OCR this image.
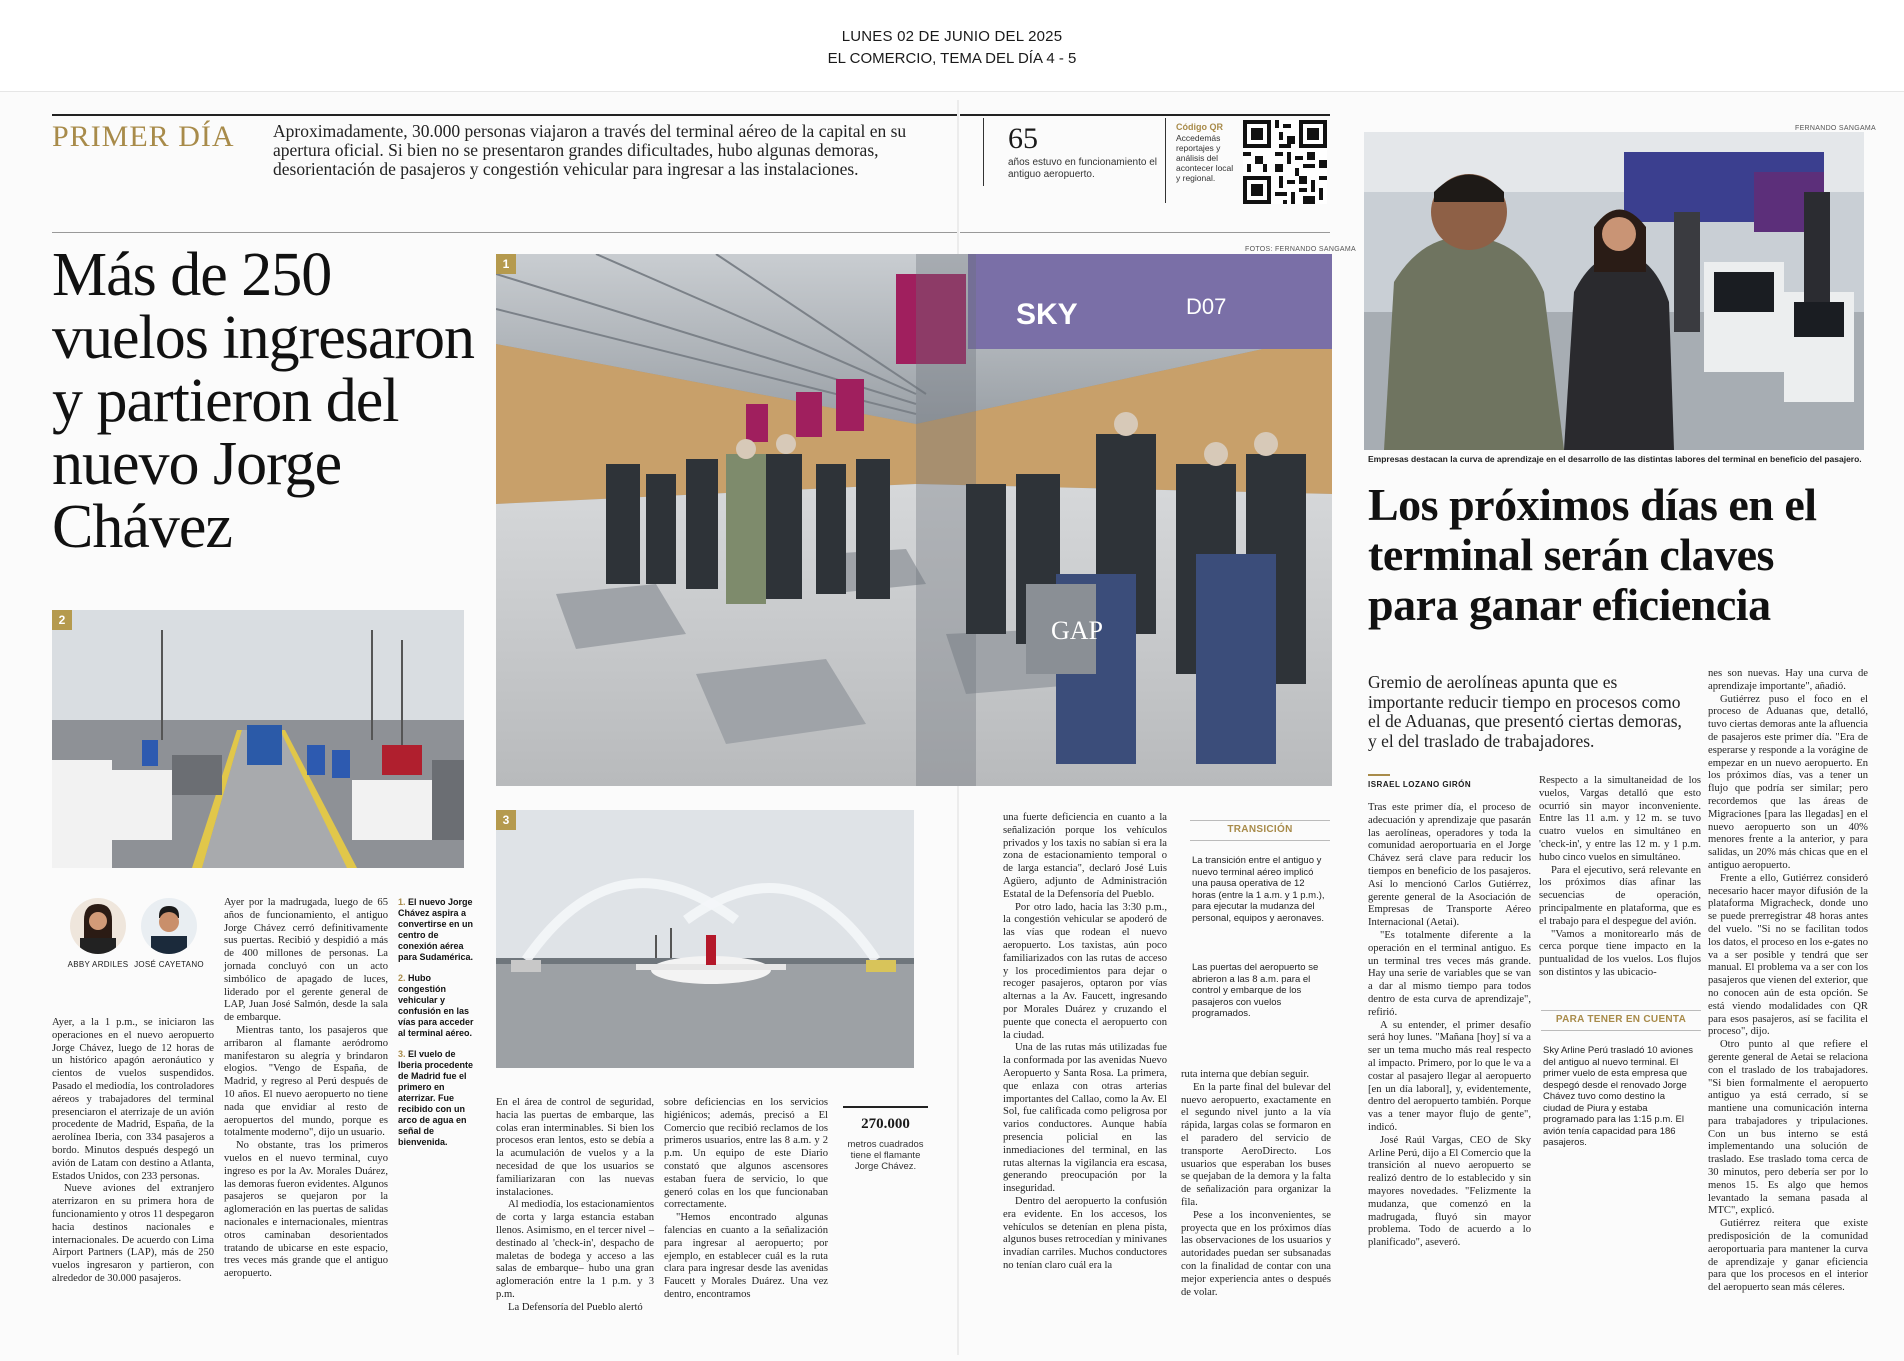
LUNES 02 DE JUNIO DEL 2025
EL COMERCIO, TEMA DEL DÍA 4 - 5
PRIMER DÍA Aproximadamente, 30.000 personas viajaron a través del terminal aéreo de la capital en su apertura oficial. Si bien no se presentaron grandes dificultades, hubo algunas demoras, desorientación de pasajeros y congestión vehicular para ingresar a las instalaciones.
65
años estuvo en funcionamiento el antiguo aeropuerto.
Código QR
Accedemás reportajes y análisis del acontecer local y regional.
FOTOS: FERNANDO SANGAMA
Más de 250 vuelos ingresaron y partieron del nuevo Jorge Chávez
SKY	D07
GAP
1
2
3
ABBY ARDILES JOSÉ CAYETANO

Ayer, a la 1 p.m., se iniciaron las operaciones en el nuevo aeropuerto Jorge Chávez, luego de 12 horas de un histórico apagón aeronáutico y cientos de vuelos suspendidos. Pasado el mediodía, los controladores aéreos y trabajadores del terminal presenciaron el aterrizaje de un avión procedente de Madrid, España, de la aerolínea Iberia, con 334 pasajeros a bordo. Minutos después despegó un avión de Latam con destino a Atlanta, Estados Unidos, con 233 personas.

Nueve aviones del extranjero aterrizaron en su primera hora de funcionamiento y otros 11 despegaron hacia destinos nacionales e internacionales. De acuerdo con Lima Airport Partners (LAP), más de 250 vuelos ingresaron y partieron, con alrededor de 30.000 pasajeros.

Ayer por la madrugada, luego de 65 años de funcionamiento, el antiguo Jorge Chávez cerró definitivamente sus puertas. Recibió y despidió a más de 400 millones de personas. La jornada concluyó con un acto simbólico de apagado de luces, liderado por el gerente general de LAP, Juan José Salmón, desde la sala de embarque.

Mientras tanto, los pasajeros que arribaron al flamante aeródromo manifestaron su alegría y brindaron elogios. "Vengo de España, de Madrid, y regreso al Perú después de 10 años. El nuevo aeropuerto no tiene nada que envidiar al resto de aeropuertos del mundo, porque es totalmente moderno", dijo un usuario.

No obstante, tras los primeros vuelos en el nuevo terminal, cuyo ingreso es por la Av. Morales Duárez, las demoras fueron evidentes. Algunos pasajeros se quejaron por la aglomeración en las puertas de salidas nacionales e internacionales, mientras otros caminaban desorientados tratando de ubicarse en este espacio, tres veces más grande que el antiguo aeropuerto.

1. El nuevo Jorge Chávez aspira a convertirse en un centro de conexión aérea para Sudamérica.
2. Hubo congestión vehicular y confusión en las vías para acceder al terminal aéreo.
3. El vuelo de Iberia procedente de Madrid fue el primero en aterrizar. Fue recibido con un arco de agua en señal de bienvenida.

En el área de control de seguridad, hacia las puertas de embarque, las colas eran interminables. Si bien los procesos eran lentos, esto se debía a la acumulación de vuelos y a la necesidad de que los usuarios se familiarizaran con las nuevas instalaciones.

Al mediodía, los estacionamientos de corta y larga estancia estaban llenos. Asimismo, en el tercer nivel –destinado al 'check-in', despacho de maletas de bodega y acceso a las salas de embarque– hubo una gran aglomeración entre la 1 p.m. y 3 p.m.

La Defensoría del Pueblo alertó

sobre deficiencias en los servicios higiénicos; además, precisó a El Comercio que recibió reclamos de los primeros usuarios, entre las 8 a.m. y 2 p.m. Un equipo de este Diario constató que algunos ascensores estaban fuera de servicio, lo que generó colas en los que funcionaban correctamente.

"Hemos encontrado algunas falencias en cuanto a la señalización para ingresar al aeropuerto; por ejemplo, en establecer cuál es la ruta clara para ingresar desde las avenidas Faucett y Morales Duárez. Una vez dentro, encontramos

270.000
metros cuadrados tiene el flamante Jorge Chávez.

una fuerte deficiencia en cuanto a la señalización porque los vehículos privados y los taxis no sabían si era la zona de estacionamiento temporal o de larga estancia", declaró José Luis Agüero, adjunto de Administración Estatal de la Defensoría del Pueblo.

Por otro lado, hacia las 3:30 p.m., la congestión vehicular se apoderó de las vías que rodean el nuevo aeropuerto. Los taxistas, aún poco familiarizados con las rutas de acceso y los procedimientos para dejar o recoger pasajeros, optaron por vías alternas a la Av. Faucett, ingresando por Morales Duárez y cruzando el puente que conecta el aeropuerto con la ciudad.

Una de las rutas más utilizadas fue la conformada por las avenidas Nuevo Aeropuerto y Santa Rosa. La primera, que enlaza con otras arterias importantes del Callao, como la Av. El Sol, fue calificada como peligrosa por varios conductores. Aunque había presencia policial en las inmediaciones del terminal, en las rutas alternas la vigilancia era escasa, generando preocupación por la inseguridad.

Dentro del aeropuerto la confusión era evidente. En los accesos, los vehículos se detenían en plena pista, algunos buses retrocedían y minivanes invadían carriles. Muchos conductores no tenían claro cuál era la

TRANSICIÓN
La transición entre el antiguo y nuevo terminal aéreo implicó una pausa operativa de 12 horas (entre la 1 a.m. y 1 p.m.), para ejecutar la mudanza del personal, equipos y aeronaves.
Las puertas del aeropuerto se abrieron a las 8 a.m. para el control y embarque de los pasajeros con vuelos programados.

ruta interna que debían seguir.

En la parte final del bulevar del nuevo aeropuerto, exactamente en el segundo nivel junto a la vía rápida, largas colas se formaron en el paradero del servicio de transporte AeroDirecto. Los usuarios que esperaban los buses se quejaban de la demora y la falta de señalización para organizar la fila.

Pese a los inconvenientes, se proyecta que en los próximos días las observaciones de los usuarios y autoridades puedan ser subsanadas con la finalidad de contar con una mejor experiencia antes o después de volar.

FERNANDO SANGAMA
Empresas destacan la curva de aprendizaje en el desarrollo de las distintas labores del terminal en beneficio del pasajero.
Los próximos días en el terminal serán claves para ganar eficiencia
Gremio de aerolíneas apunta que es importante reducir tiempo en procesos como el de Aduanas, que presentó ciertas demoras, y el del traslado de trabajadores.
ISRAEL LOZANO GIRÓN

Tras este primer día, el proceso de adecuación y aprendizaje que pasarán las aerolíneas, operadores y toda la comunidad aeroportuaria en el Jorge Chávez será clave para reducir los tiempos en beneficio de los pasajeros. Así lo mencionó Carlos Gutiérrez, gerente general de la Asociación de Empresas de Transporte Aéreo Internacional (Aetai).

"Es totalmente diferente a la operación en el terminal antiguo. Es un terminal tres veces más grande. Hay una serie de variables que se van a dar al mismo tiempo para todos dentro de esta curva de aprendizaje", refirió.

A su entender, el primer desafío será hoy lunes. "Mañana [hoy] sí va a ser un tema mucho más real respecto al impacto. Primero, por lo que le va a costar al pasajero llegar al aeropuerto [en un día laboral], y, evidentemente, dentro del aeropuerto también. Porque vas a tener mayor flujo de gente", indicó.

José Raúl Vargas, CEO de Sky Arline Perú, dijo a El Comercio que la transición al nuevo aeropuerto se realizó dentro de lo establecido y sin mayores novedades. "Felizmente la mudanza, que comenzó en la madrugada, fluyó sin mayor problema. Todo de acuerdo a lo planificado", aseveró.

Respecto a la simultaneidad de los vuelos, Vargas detalló que esto ocurrió sin mayor inconveniente. Entre las 11 a.m. y 12 m. se tuvo cuatro vuelos en simultáneo en 'check-in', y entre las 12 m. y 1 p.m. hubo cinco vuelos en simultáneo.

Para el ejecutivo, será relevante en los próximos días afinar las secuencias de operación, principalmente en plataforma, que es el trabajo para el despegue del avión.

"Vamos a monitorearlo más de cerca porque tiene impacto en la puntualidad de los vuelos. Los flujos son distintos y las ubicacio-

PARA TENER EN CUENTA
Sky Arline Perú trasladó 10 aviones del antiguo al nuevo terminal. El primer vuelo de esta empresa que despegó desde el renovado Jorge Chávez tuvo como destino la ciudad de Piura y estaba programado para las 1:15 p.m. El avión tenía capacidad para 186 pasajeros.

nes son nuevas. Hay una curva de aprendizaje importante", añadió.

Gutiérrez puso el foco en el proceso de Aduanas que, detalló, tuvo ciertas demoras ante la afluencia de pasajeros este primer día. "Era de esperarse y responde a la vorágine de empezar en un nuevo aeropuerto. En los próximos días, vas a tener un flujo que podría ser similar; pero recordemos que las áreas de Migraciones [para las llegadas] en el nuevo aeropuerto son un 40% menores frente a la anterior, y para salidas, un 20% más chicas que en el antiguo aeropuerto.

Frente a ello, Gutiérrez consideró necesario hacer mayor difusión de la plataforma Migracheck, donde uno se puede prerregistrar 48 horas antes del vuelo. "Si no se facilitan todos los datos, el proceso en los e-gates no va a ser posible y tendrá que ser manual. El problema va a ser con los pasajeros que vienen del exterior, que no conocen aún de esta opción. Se está viendo modalidades con QR para esos pasajeros, así se facilita el proceso", dijo.

Otro punto al que refiere el gerente general de Aetai se relaciona con el traslado de los trabajadores. "Si bien formalmente el aeropuerto antiguo ya está cerrado, sí se mantiene una comunicación interna para trabajadores y tripulaciones. Con un bus interno se está implementando una solución de traslado. Ese traslado toma cerca de 30 minutos, pero debería ser por lo menos 15. Es algo que hemos levantado la semana pasada al MTC", explicó.

Gutiérrez reitera que existe predisposición de la comunidad aeroportuaria para mantener la curva de aprendizaje y ganar eficiencia para que los procesos en el interior del aeropuerto sean más céleres.
